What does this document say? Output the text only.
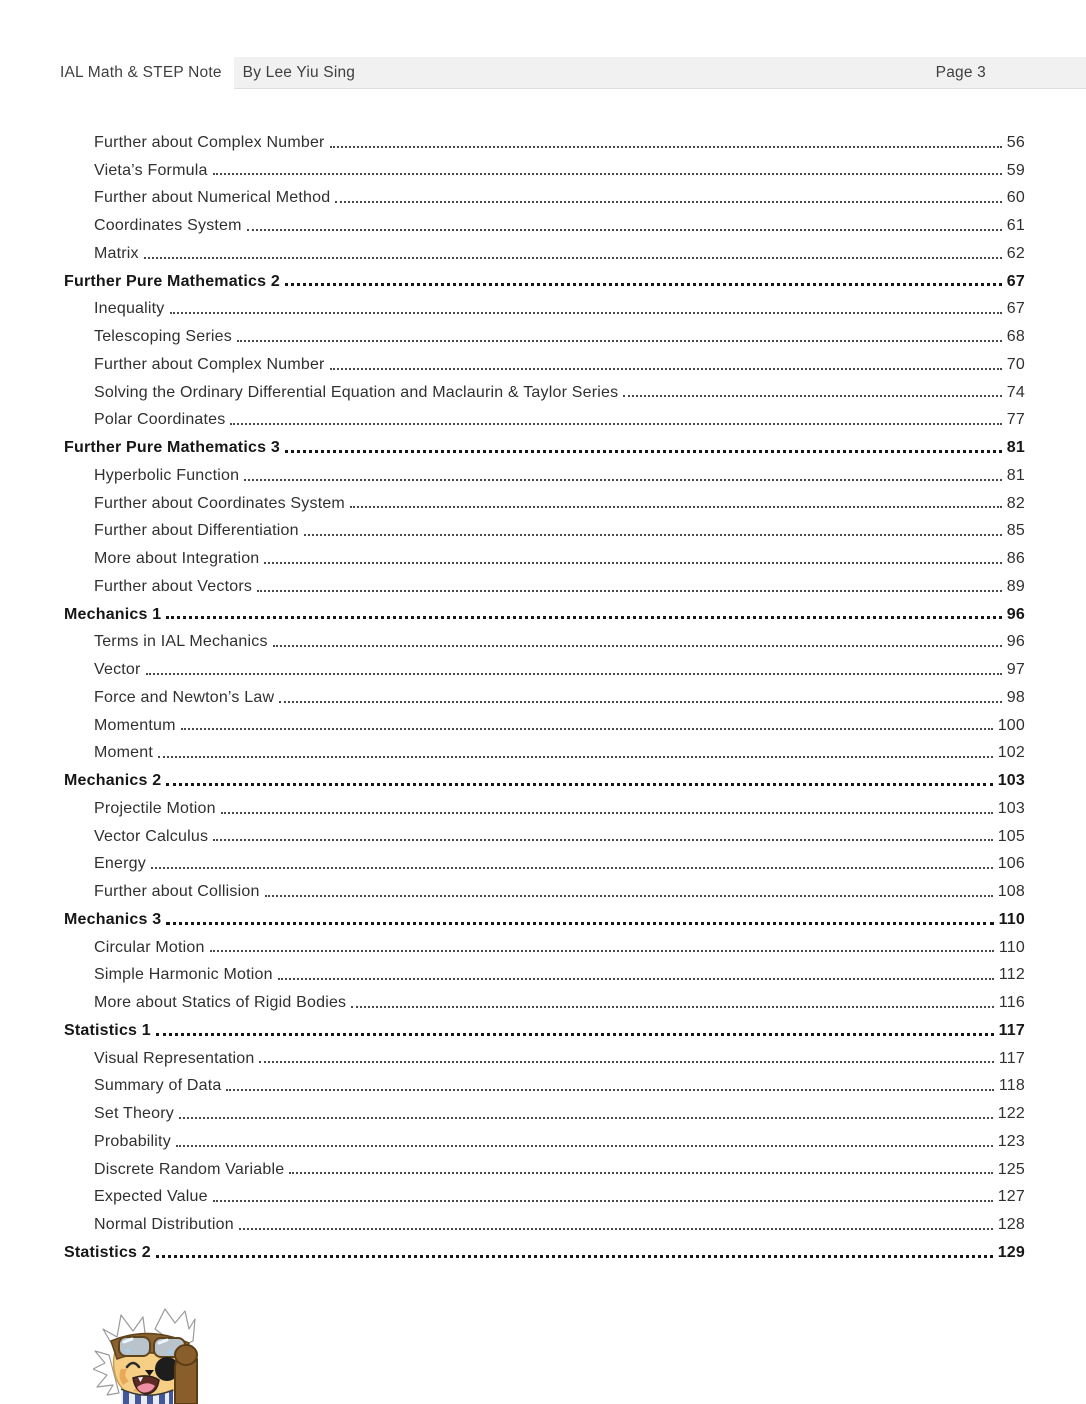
IAL Math & STEP Note	By Lee Yiu Sing	Page 3
Further about Complex Number	56
Vieta’s Formula	59
Further about Numerical Method	60
Coordinates System	61
Matrix	62
Further Pure Mathematics 2	67
Inequality	67
Telescoping Series	68
Further about Complex Number	70
Solving the Ordinary Differential Equation and Maclaurin & Taylor Series	74
Polar Coordinates	77
Further Pure Mathematics 3	81
Hyperbolic Function	81
Further about Coordinates System	82
Further about Differentiation	85
More about Integration	86
Further about Vectors	89
Mechanics 1	96
Terms in IAL Mechanics	96
Vector	97
Force and Newton’s Law	98
Momentum	100
Moment	102
Mechanics 2	103
Projectile Motion	103
Vector Calculus	105
Energy	106
Further about Collision	108
Mechanics 3	110
Circular Motion	110
Simple Harmonic Motion	112
More about Statics of Rigid Bodies	116
Statistics 1	117
Visual Representation	117
Summary of Data	118
Set Theory	122
Probability	123
Discrete Random Variable	125
Expected Value	127
Normal Distribution	128
Statistics 2	129
